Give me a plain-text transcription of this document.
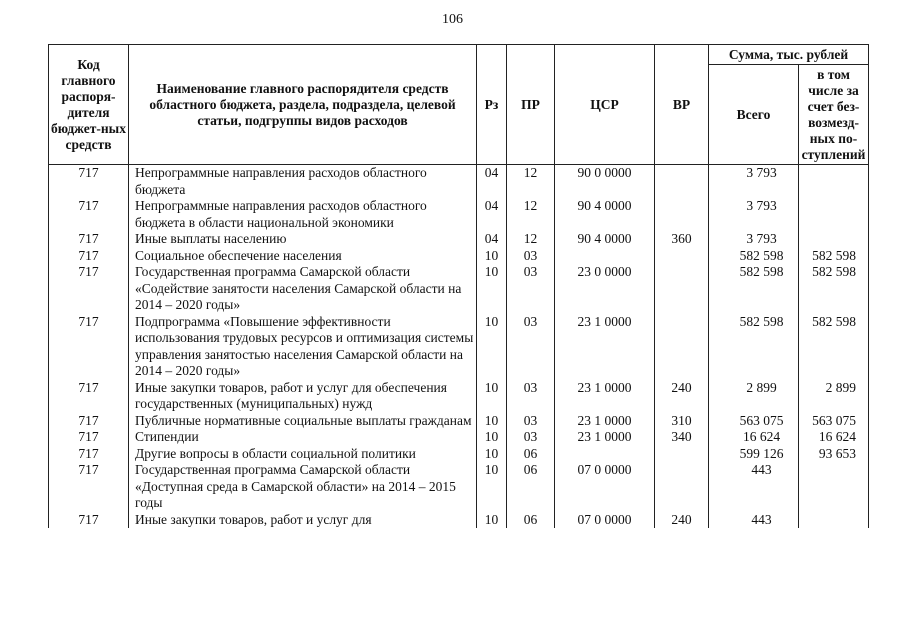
106
Код главного распоря-дителя бюджет-ных средств	Наименование главного распорядителя средств областного бюджета, раздела, подраздела, целевой статьи, подгруппы видов расходов	Рз	ПР	ЦСР	ВР	Сумма, тыс. рублей	
						Всего	в том числе за счет без-возмезд-ных по-ступлений
717	Непрограммные направления расходов областного бюджета	04	12	90 0 0000		3 793	
717	Непрограммные направления расходов областного бюджета в области национальной экономики	04	12	90 4 0000		3 793	
717	Иные выплаты населению	04	12	90 4 0000	360	3 793	
717	Социальное обеспечение населения	10	03			582 598	582 598
717	Государственная программа Самарской области «Содействие занятости населения Самарской области на 2014 – 2020 годы»	10	03	23 0 0000		582 598	582 598
717	Подпрограмма «Повышение эффективности использования трудовых ресурсов и оптимизация системы управления занятостью населения Самарской области на 2014 – 2020 годы»	10	03	23 1 0000		582 598	582 598
717	Иные закупки товаров, работ и услуг для обеспечения государственных (муниципальных) нужд	10	03	23 1 0000	240	2 899	2 899
717	Публичные нормативные социальные выплаты гражданам	10	03	23 1 0000	310	563 075	563 075
717	Стипендии	10	03	23 1 0000	340	16 624	16 624
717	Другие вопросы в области социальной политики	10	06			599 126	93 653
717	Государственная программа Самарской области «Доступная среда в Самарской области» на 2014 – 2015 годы	10	06	07 0 0000		443	
717	Иные закупки товаров, работ и услуг для	10	06	07 0 0000	240	443	
